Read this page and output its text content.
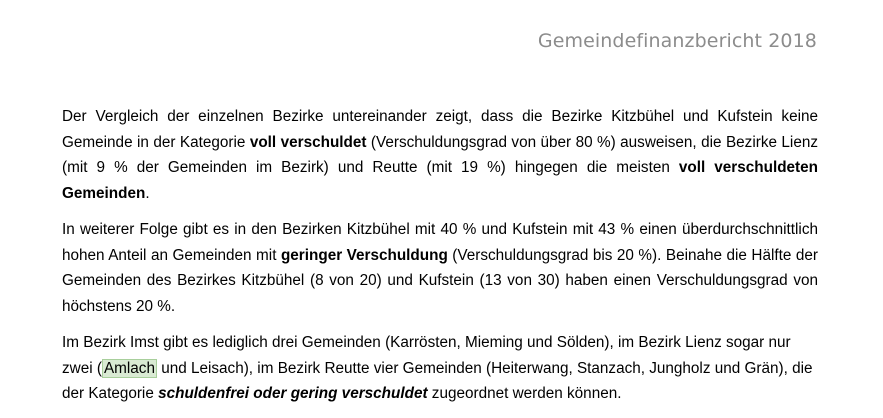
Gemeindefinanzbericht 2018

Der Vergleich der einzelnen Bezirke untereinander zeigt, dass die Bezirke Kitzbühel und Kufstein keine Gemeinde in der Kategorie voll verschuldet (Verschuldungsgrad von über 80 %) ausweisen, die Bezirke Lienz (mit 9 % der Gemeinden im Bezirk) und Reutte (mit 19 %) hingegen die meisten voll verschuldeten Gemeinden.

In weiterer Folge gibt es in den Bezirken Kitzbühel mit 40 % und Kufstein mit 43 % einen überdurchschnittlich hohen Anteil an Gemeinden mit geringer Verschuldung (Verschuldungsgrad bis 20 %). Beinahe die Hälfte der Gemeinden des Bezirkes Kitzbühel (8 von 20) und Kufstein (13 von 30) haben einen Verschuldungsgrad von höchstens 20 %.

Im Bezirk Imst gibt es lediglich drei Gemeinden (Karrösten, Mieming und Sölden), im Bezirk Lienz sogar nur zwei ( Amlach und Leisach), im Bezirk Reutte vier Gemeinden (Heiterwang, Stanzach, Jungholz und Grän), die der Kategorie schuldenfrei oder gering verschuldet zugeordnet werden können.
